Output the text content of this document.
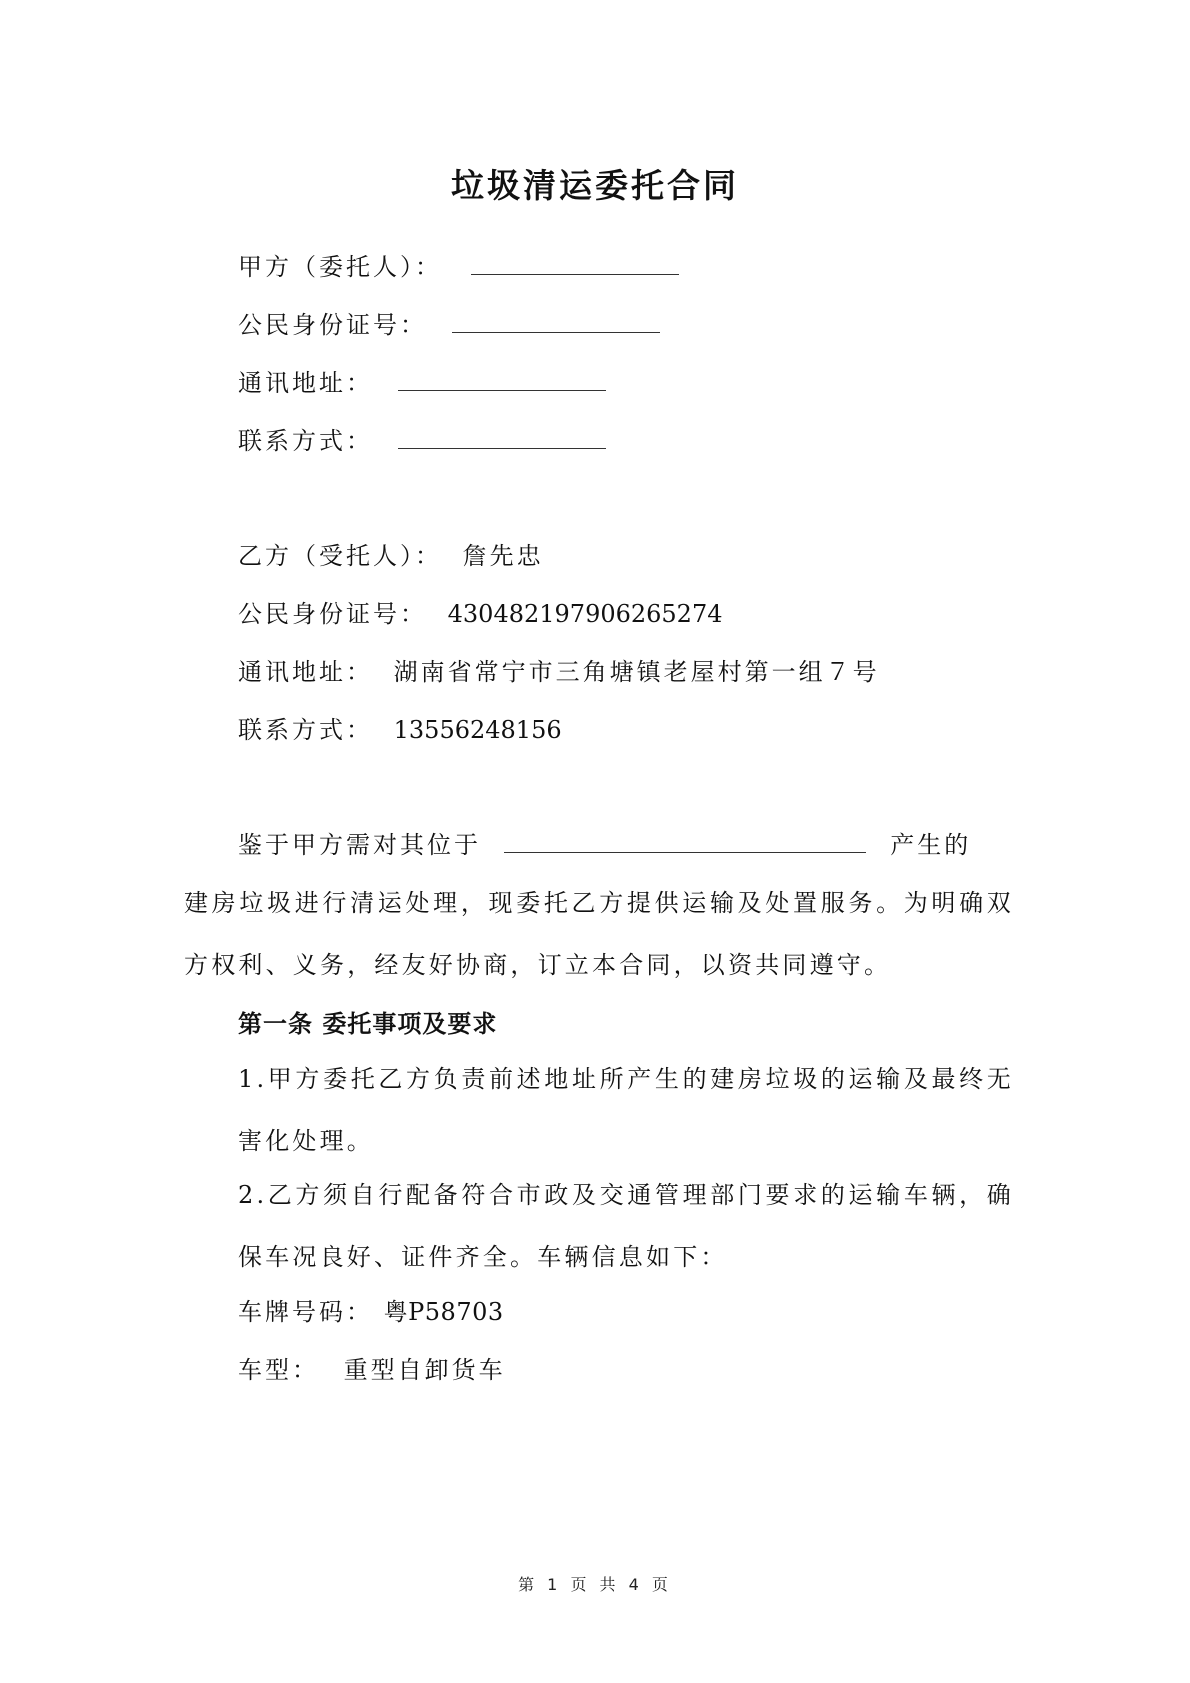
垃圾清运委托合同
甲方（委托人）：
公民身份证号：
通讯地址：
联系方式：
乙方（受托人）： 詹先忠
公民身份证号： 430482197906265274
通讯地址： 湖南省常宁市三角塘镇老屋村第一组７号
联系方式： 13556248156
鉴于甲方需对其位于	产生的
建房垃圾进行清运处理，现委托乙方提供运输及处置服务。为明确双方权利、义务，经友好协商，订立本合同，以资共同遵守。
第一条 委托事项及要求
1.甲方委托乙方负责前述地址所产生的建房垃圾的运输及最终无害化处理。
2.乙方须自行配备符合市政及交通管理部门要求的运输车辆，确保车况良好、证件齐全。车辆信息如下：
车牌号码： 粤P58703
车型： 重型自卸货车
第 1 页 共 4 页
